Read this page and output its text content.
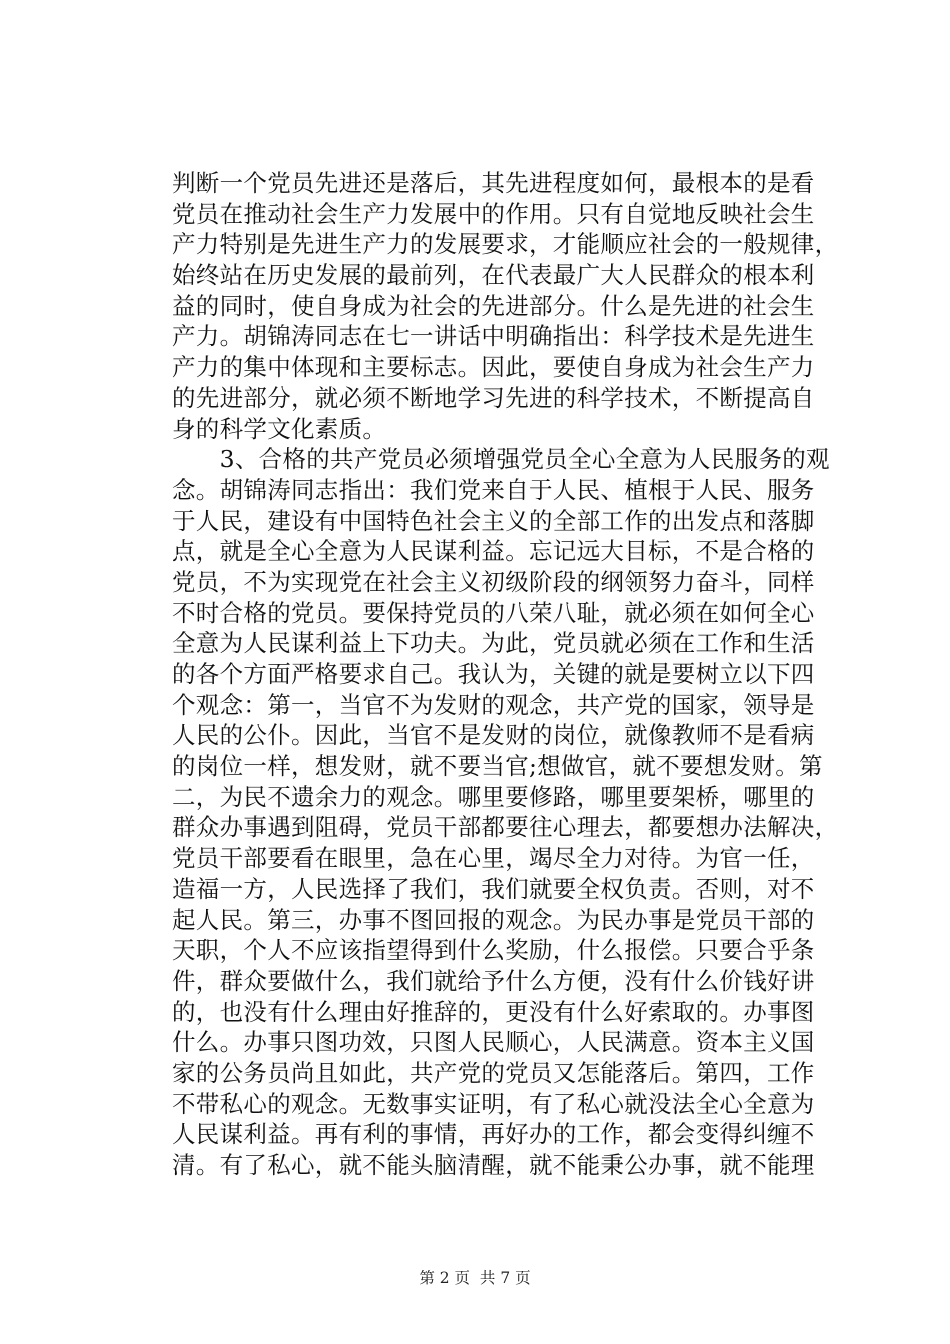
判断一个党员先进还是落后，其先进程度如何，最根本的是看
党员在推动社会生产力发展中的作用。只有自觉地反映社会生
产力特别是先进生产力的发展要求，才能顺应社会的一般规律，
始终站在历史发展的最前列，在代表最广大人民群众的根本利
益的同时，使自身成为社会的先进部分。什么是先进的社会生
产力。胡锦涛同志在七一讲话中明确指出：科学技术是先进生
产力的集中体现和主要标志。因此，要使自身成为社会生产力
的先进部分，就必须不断地学习先进的科学技术，不断提高自
身的科学文化素质。
　　3、合格的共产党员必须增强党员全心全意为人民服务的观
念。胡锦涛同志指出：我们党来自于人民、植根于人民、服务
于人民，建设有中国特色社会主义的全部工作的出发点和落脚
点，就是全心全意为人民谋利益。忘记远大目标，不是合格的
党员，不为实现党在社会主义初级阶段的纲领努力奋斗，同样
不时合格的党员。要保持党员的八荣八耻，就必须在如何全心
全意为人民谋利益上下功夫。为此，党员就必须在工作和生活
的各个方面严格要求自己。我认为，关键的就是要树立以下四
个观念：第一，当官不为发财的观念，共产党的国家，领导是
人民的公仆。因此，当官不是发财的岗位，就像教师不是看病
的岗位一样，想发财，就不要当官;想做官，就不要想发财。第
二，为民不遗余力的观念。哪里要修路，哪里要架桥，哪里的
群众办事遇到阻碍，党员干部都要往心理去，都要想办法解决，
党员干部要看在眼里，急在心里，竭尽全力对待。为官一任，
造福一方，人民选择了我们，我们就要全权负责。否则，对不
起人民。第三，办事不图回报的观念。为民办事是党员干部的
天职，个人不应该指望得到什么奖励，什么报偿。只要合乎条
件，群众要做什么，我们就给予什么方便，没有什么价钱好讲
的，也没有什么理由好推辞的，更没有什么好索取的。办事图
什么。办事只图功效，只图人民顺心，人民满意。资本主义国
家的公务员尚且如此，共产党的党员又怎能落后。第四，工作
不带私心的观念。无数事实证明，有了私心就没法全心全意为
人民谋利益。再有利的事情，再好办的工作，都会变得纠缠不
清。有了私心，就不能头脑清醒，就不能秉公办事，就不能理
第 2 页  共 7 页
